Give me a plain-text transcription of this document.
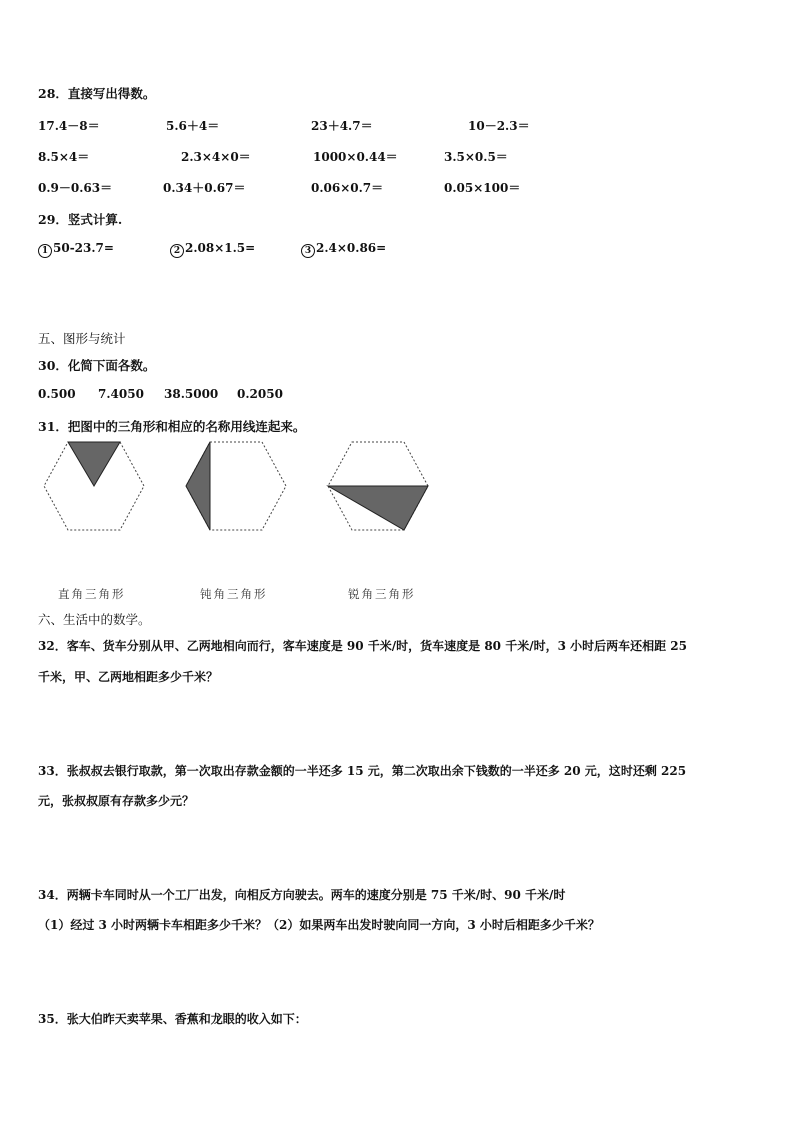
28．直接写出得数。
17.4－8＝	5.6＋4＝	23＋4.7＝	10－2.3＝
8.5×4＝	2.3×4×0＝	1000×0.44＝	3.5×0.5＝
0.9－0.63＝	0.34＋0.67＝	0.06×0.7＝	0.05×100＝
29．竖式计算.
1 50-23.7=	2 2.08×1.5=	3 2.4×0.86=
五、图形与统计
30．化简下面各数。
0.500 7.4050 38.5000 0.2050
31．把图中的三角形和相应的名称用线连起来。
直角三角形	钝角三角形	锐角三角形
六、生活中的数学。
32．客车、货车分别从甲、乙两地相向而行，客车速度是 90 千米/时，货车速度是 80 千米/时，3 小时后两车还相距 25
千米，甲、乙两地相距多少千米？
33．张叔叔去银行取款，第一次取出存款金额的一半还多 15 元，第二次取出余下钱数的一半还多 20 元，这时还剩 225
元，张叔叔原有存款多少元？
34．两辆卡车同时从一个工厂出发，向相反方向驶去。两车的速度分别是 75 千米/时、90 千米/时
（1）经过 3 小时两辆卡车相距多少千米？（2）如果两车出发时驶向同一方向，3 小时后相距多少千米？
35．张大伯昨天卖苹果、香蕉和龙眼的收入如下：
